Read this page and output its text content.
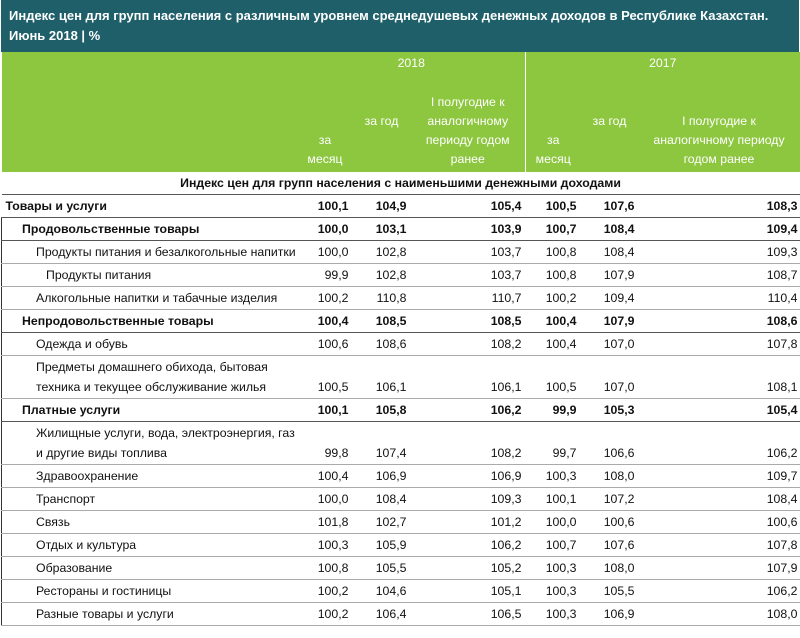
Индекс цен для групп населения с различным уровнем среднедушевых денежных доходов в Республике Казахстан. Июнь 2018 | %
	2018			2017		
	за месяц	за год	I полугодие к аналогичному периоду годом ранее	за месяц	за год	I полугодие к аналогичному периоду годом ранее
Индекс цен для групп населения с наименьшими денежными доходами						
Товары и услуги	100,1	104,9	105,4	100,5	107,6	108,3
Продовольственные товары	100,0	103,1	103,9	100,7	108,4	109,4
Продукты питания и безалкогольные напитки	100,0	102,8	103,7	100,8	108,4	109,3
Продукты питания	99,9	102,8	103,7	100,8	107,9	108,7
Алкогольные напитки и табачные изделия	100,2	110,8	110,7	100,2	109,4	110,4
Непродовольственные товары	100,4	108,5	108,5	100,4	107,9	108,6
Одежда и обувь	100,6	108,6	108,2	100,4	107,0	107,8
Предметы домашнего обихода, бытовая техника и текущее обслуживание жилья	100,5	106,1	106,1	100,5	107,0	108,1
Платные услуги	100,1	105,8	106,2	99,9	105,3	105,4
Жилищные услуги, вода, электроэнергия, газ и другие виды топлива	99,8	107,4	108,2	99,7	106,6	106,2
Здравоохранение	100,4	106,9	106,9	100,3	108,0	109,7
Транспорт	100,0	108,4	109,3	100,1	107,2	108,4
Связь	101,8	102,7	101,2	100,0	100,6	100,6
Отдых и культура	100,3	105,9	106,2	100,7	107,6	107,8
Образование	100,8	105,5	105,2	100,3	108,0	107,9
Рестораны и гостиницы	100,2	104,6	105,1	100,3	105,5	106,2
Разные товары и услуги	100,2	106,4	106,5	100,3	106,9	108,0
